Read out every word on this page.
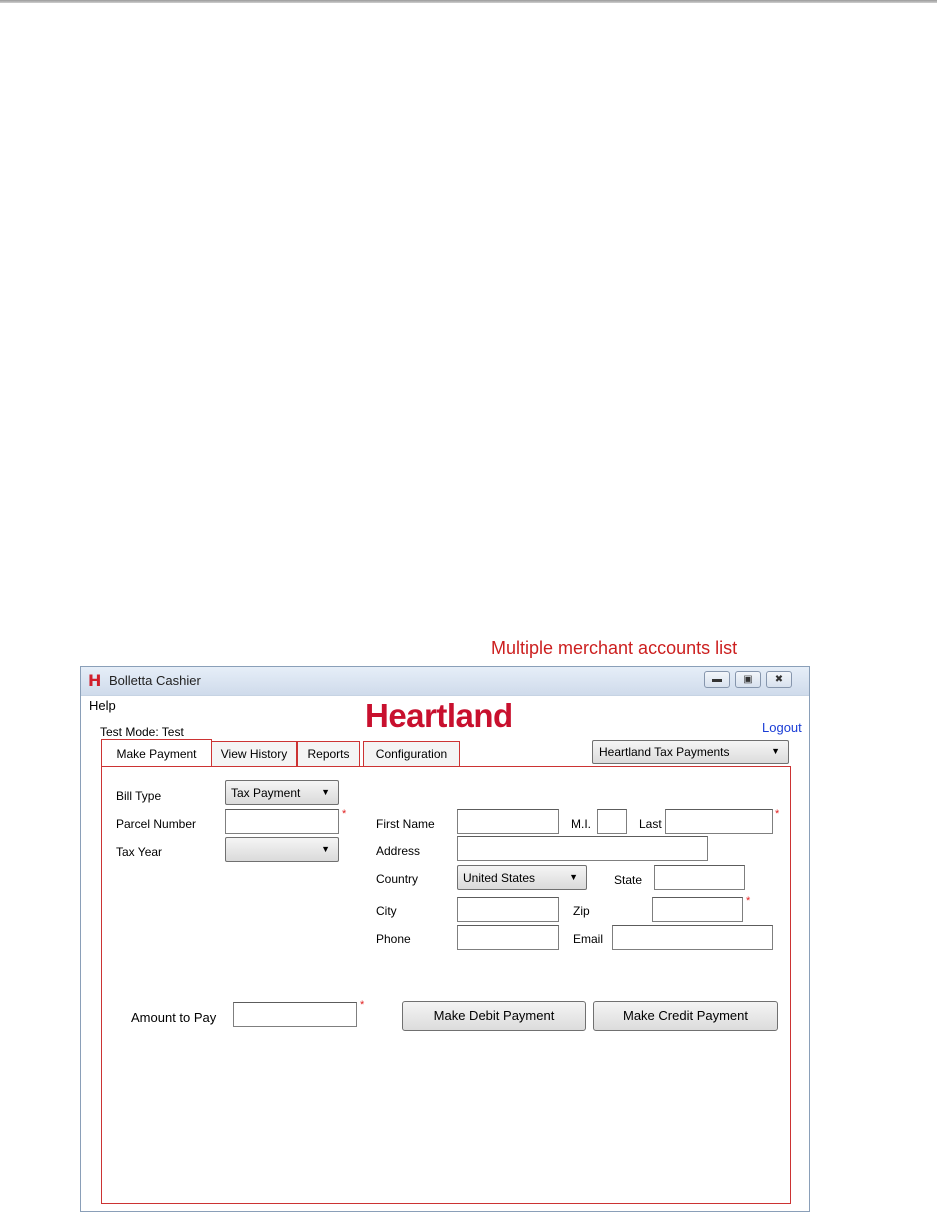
Multiple merchant accounts list
H Bolletta Cashier	▬	▣	✖
Help
Test Mode: Test	Heartland	Logout
Heartland Tax Payments	▼
Make Payment	View History	Reports	Configuration
Bill Type	Tax Payment ▼
Parcel Number
*
Tax Year	▼
First Name	M.I.	Last
*
Address
Country	United States	▼	State
City	Zip
*
Phone	Email
Amount to Pay
*
Make Debit Payment	Make Credit Payment
